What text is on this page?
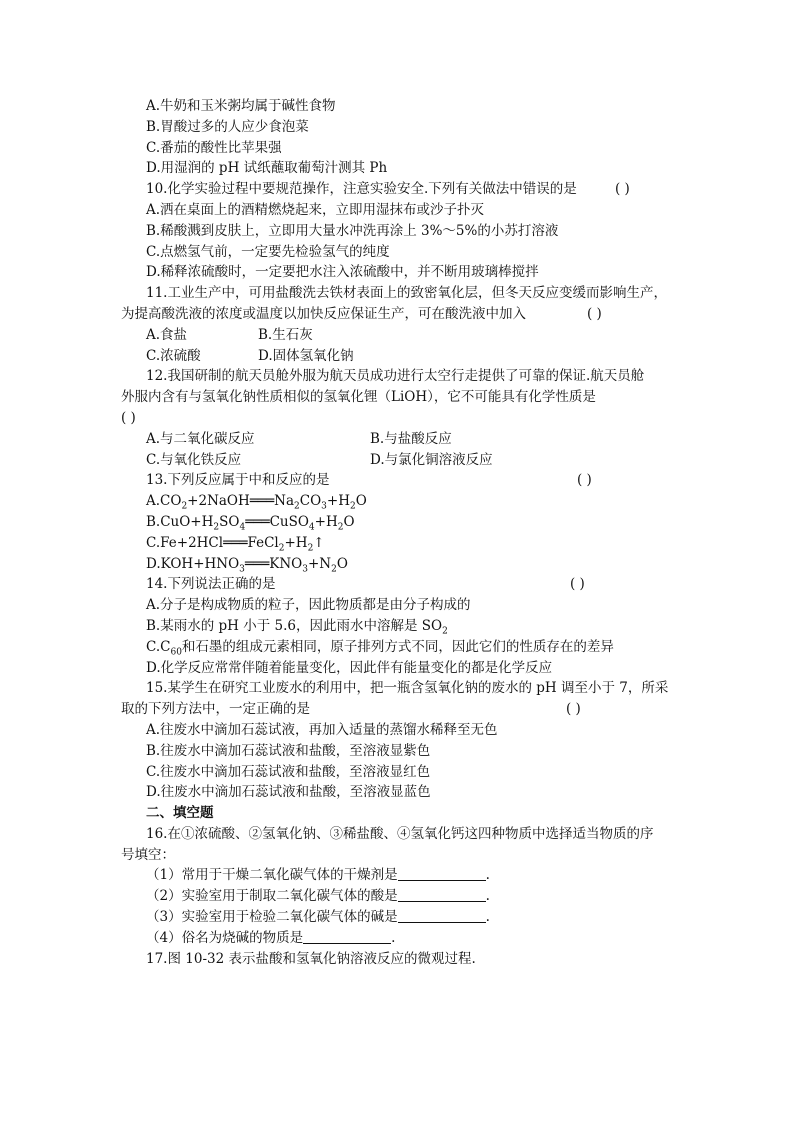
A.牛奶和玉米粥均属于碱性食物
B.胃酸过多的人应少食泡菜
C.番茄的酸性比苹果强
D.用湿润的 pH 试纸蘸取葡萄汁测其 Ph
10.化学实验过程中要规范操作，注意实验安全.下列有关做法中错误的是	( )
A.洒在桌面上的酒精燃烧起来，立即用湿抹布或沙子扑灭
B.稀酸溅到皮肤上，立即用大量水冲洗再涂上 3%～5%的小苏打溶液
C.点燃氢气前，一定要先检验氢气的纯度
D.稀释浓硫酸时，一定要把水注入浓硫酸中，并不断用玻璃棒搅拌
11.工业生产中，可用盐酸洗去铁材表面上的致密氧化层，但冬天反应变缓而影响生产，
为提高酸洗液的浓度或温度以加快反应保证生产，可在酸洗液中加入	( )
A.食盐	B.生石灰
C.浓硫酸	D.固体氢氧化钠
12.我国研制的航天员舱外服为航天员成功进行太空行走提供了可靠的保证.航天员舱
外服内含有与氢氧化钠性质相似的氢氧化锂（LiOH），它不可能具有化学性质是
( )
A.与二氧化碳反应	B.与盐酸反应
C.与氧化铁反应	D.与氯化铜溶液反应
13.下列反应属于中和反应的是	( )
$A.CO_2+2NaOH═══Na_2CO_3+H_2O$
$B.CuO+H_2SO_4═══CuSO_4+H_2O$
$C.Fe+2HCl═══FeCl_2+H_2↑$
$D.KOH+HNO_3═══KNO_3+N_2O$
14.下列说法正确的是	( )
A.分子是构成物质的粒子，因此物质都是由分子构成的
B.某雨水的 pH 小于 5.6，因此雨水中溶解是 $SO_2$
$C.C_{60}$和石墨的组成元素相同，原子排列方式不同，因此它们的性质存在的差异
D.化学反应常常伴随着能量变化，因此伴有能量变化的都是化学反应
15.某学生在研究工业废水的利用中，把一瓶含氢氧化钠的废水的 pH 调至小于 7，所采
取的下列方法中，一定正确的是	( )
A.往废水中滴加石蕊试液，再加入适量的蒸馏水稀释至无色
B.往废水中滴加石蕊试液和盐酸，至溶液显紫色
C.往废水中滴加石蕊试液和盐酸，至溶液显红色
D.往废水中滴加石蕊试液和盐酸，至溶液显蓝色
二、填空题
16.在①浓硫酸、②氢氧化钠、③稀盐酸、④氢氧化钙这四种物质中选择适当物质的序
号填空：
（1）常用于干燥二氧化碳气体的干燥剂是	.
（2）实验室用于制取二氧化碳气体的酸是	.
（3）实验室用于检验二氧化碳气体的碱是	.
（4）俗名为烧碱的物质是	.
17.图 10-32 表示盐酸和氢氧化钠溶液反应的微观过程.
